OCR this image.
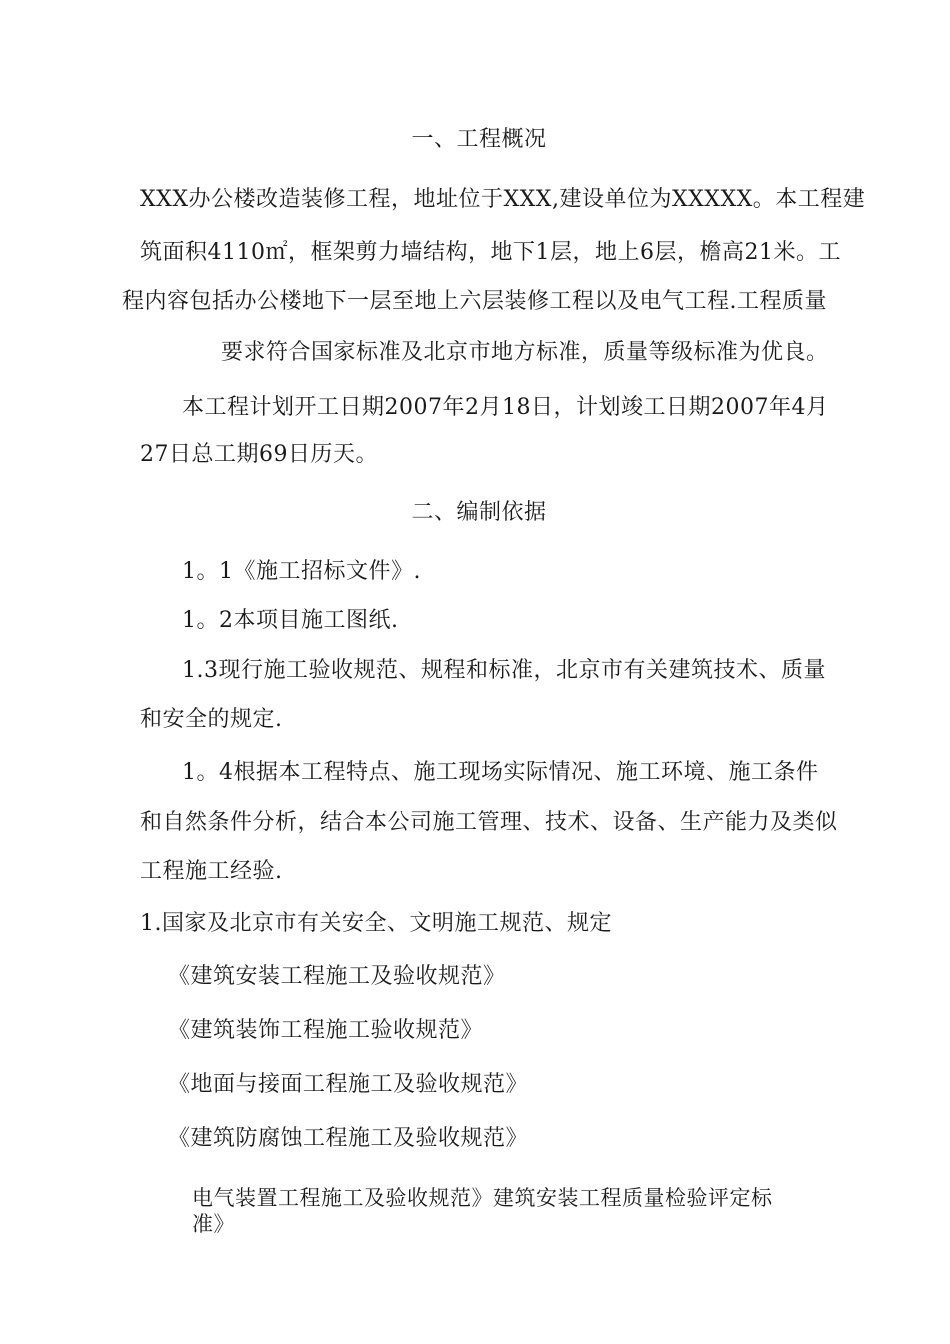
一、工程概况
XXX办公楼改造装修工程，地址位于XXX,建设单位为XXXXX。本工程建
筑面积4110㎡，框架剪力墙结构，地下1层，地上6层，檐高21米。工
程内容包括办公楼地下一层至地上六层装修工程以及电气工程.工程质量
要求符合国家标准及北京市地方标准，质量等级标准为优良。
本工程计划开工日期2007年2月18日，计划竣工日期2007年4月
27日总工期69日历天。
二、编制依据
1。1《施工招标文件》.
1。2本项目施工图纸.
1.3现行施工验收规范、规程和标准，北京市有关建筑技术、质量
和安全的规定.
1。4根据本工程特点、施工现场实际情况、施工环境、施工条件
和自然条件分析，结合本公司施工管理、技术、设备、生产能力及类似
工程施工经验.
1.国家及北京市有关安全、文明施工规范、规定
《建筑安装工程施工及验收规范》
《建筑装饰工程施工验收规范》
《地面与接面工程施工及验收规范》
《建筑防腐蚀工程施工及验收规范》
电气装置工程施工及验收规范》建筑安装工程质量检验评定标
准》
